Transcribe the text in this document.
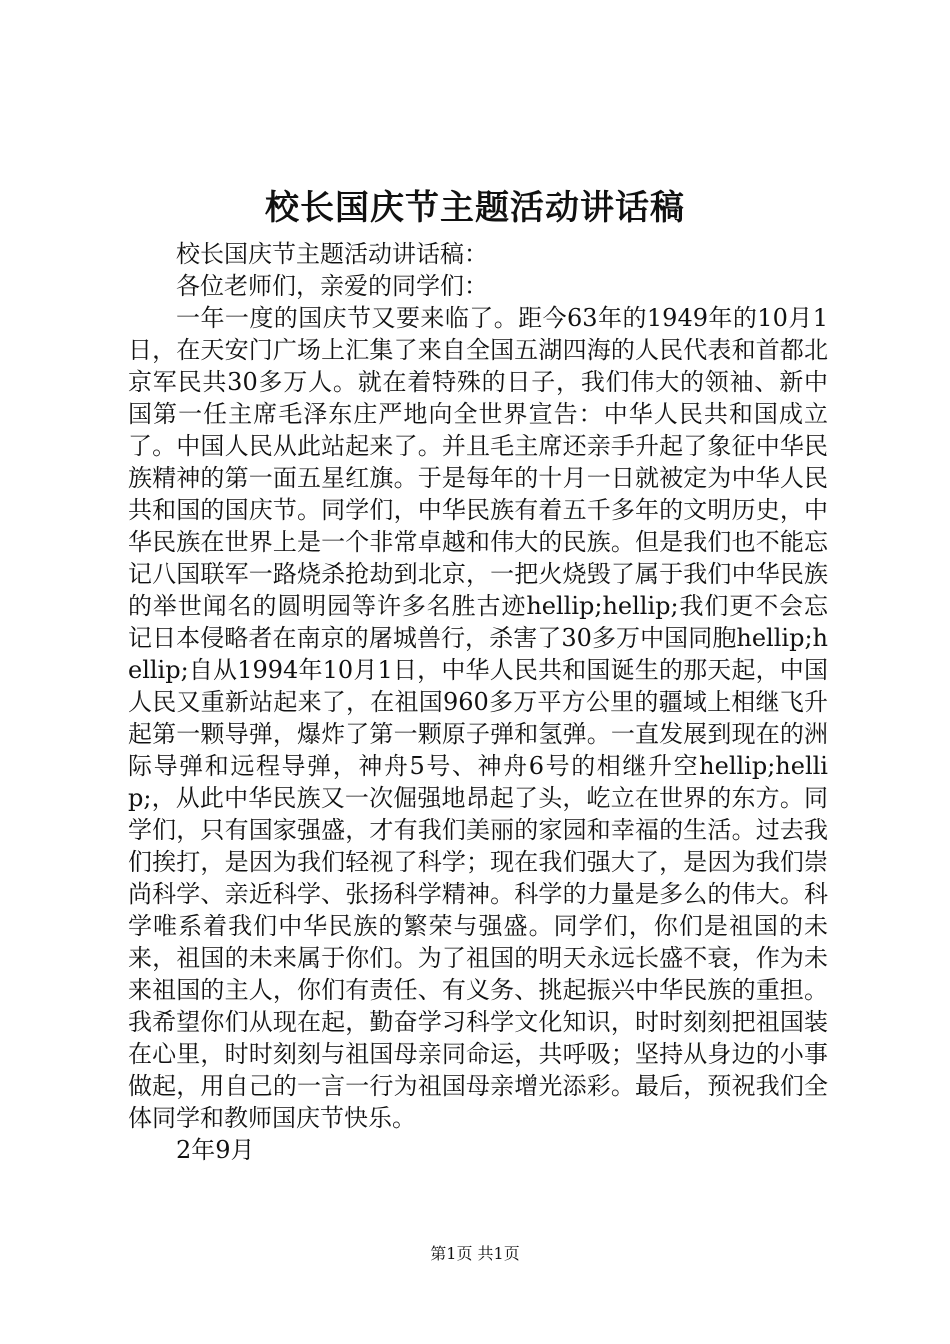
校长国庆节主题活动讲话稿

校长国庆节主题活动讲话稿：

各位老师们，亲爱的同学们：

一年一度的国庆节又要来临了。距今63年的1949年的10月1日，在天安门广场上汇集了来自全国五湖四海的人民代表和首都北京军民共30多万人。就在着特殊的日子，我们伟大的领袖、新中国第一任主席毛泽东庄严地向全世界宣告：中华人民共和国成立了。中国人民从此站起来了。并且毛主席还亲手升起了象征中华民族精神的第一面五星红旗。于是每年的十月一日就被定为中华人民共和国的国庆节。同学们，中华民族有着五千多年的文明历史，中华民族在世界上是一个非常卓越和伟大的民族。但是我们也不能忘记八国联军一路烧杀抢劫到北京，一把火烧毁了属于我们中华民族的举世闻名的圆明园等许多名胜古迹hellip;hellip;我们更不会忘记日本侵略者在南京的屠城兽行，杀害了30多万中国同胞hellip;hellip;自从1994年10月1日，中华人民共和国诞生的那天起，中国人民又重新站起来了，在祖国960多万平方公里的疆域上相继飞升起第一颗导弹，爆炸了第一颗原子弹和氢弹。一直发展到现在的洲际导弹和远程导弹，神舟5号、神舟6号的相继升空hellip;hellip;，从此中华民族又一次倔强地昂起了头，屹立在世界的东方。同学们，只有国家强盛，才有我们美丽的家园和幸福的生活。过去我们挨打，是因为我们轻视了科学；现在我们强大了，是因为我们崇尚科学、亲近科学、张扬科学精神。科学的力量是多么的伟大。科学唯系着我们中华民族的繁荣与强盛。同学们，你们是祖国的未来，祖国的未来属于你们。为了祖国的明天永远长盛不衰，作为未来祖国的主人，你们有责任、有义务、挑起振兴中华民族的重担。我希望你们从现在起，勤奋学习科学文化知识，时时刻刻把祖国装在心里，时时刻刻与祖国母亲同命运，共呼吸；坚持从身边的小事做起，用自己的一言一行为祖国母亲增光添彩。最后，预祝我们全体同学和教师国庆节快乐。

2年9月

第1页 共1页
